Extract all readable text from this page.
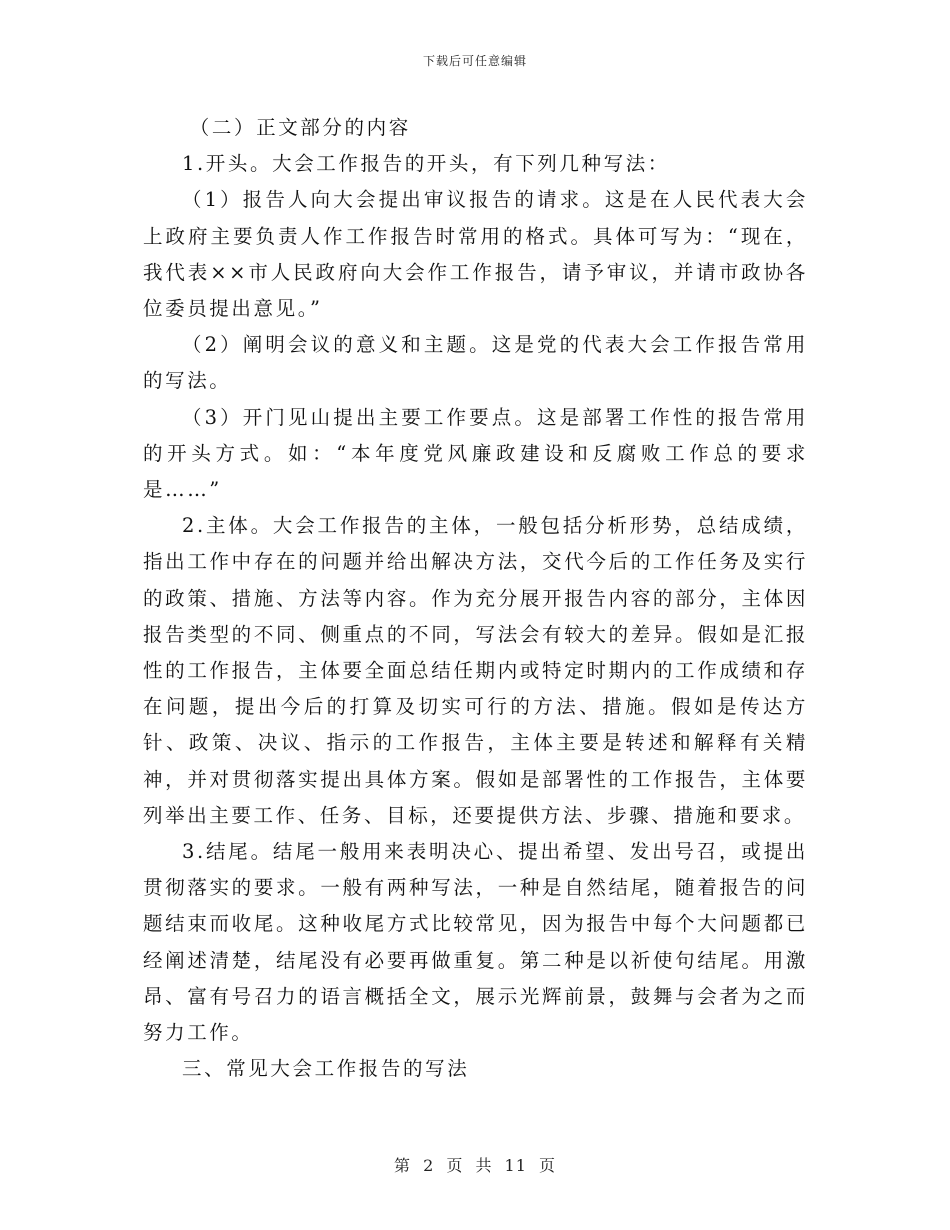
下载后可任意编辑

（二）正文部分的内容

1.开头。大会工作报告的开头，有下列几种写法：

（1）报告人向大会提出审议报告的请求。这是在人民代表大会上政府主要负责人作工作报告时常用的格式。具体可写为：“现在，我代表××市人民政府向大会作工作报告，请予审议，并请市政协各位委员提出意见。”

（2）阐明会议的意义和主题。这是党的代表大会工作报告常用的写法。

（3）开门见山提出主要工作要点。这是部署工作性的报告常用的开头方式。如：“本年度党风廉政建设和反腐败工作总的要求是……”

2.主体。大会工作报告的主体，一般包括分析形势，总结成绩，指出工作中存在的问题并给出解决方法，交代今后的工作任务及实行的政策、措施、方法等内容。作为充分展开报告内容的部分，主体因报告类型的不同、侧重点的不同，写法会有较大的差异。假如是汇报性的工作报告，主体要全面总结任期内或特定时期内的工作成绩和存在问题，提出今后的打算及切实可行的方法、措施。假如是传达方针、政策、决议、指示的工作报告，主体主要是转述和解释有关精神，并对贯彻落实提出具体方案。假如是部署性的工作报告，主体要列举出主要工作、任务、目标，还要提供方法、步骤、措施和要求。

3.结尾。结尾一般用来表明决心、提出希望、发出号召，或提出贯彻落实的要求。一般有两种写法，一种是自然结尾，随着报告的问题结束而收尾。这种收尾方式比较常见，因为报告中每个大问题都已经阐述清楚，结尾没有必要再做重复。第二种是以祈使句结尾。用激昂、富有号召力的语言概括全文，展示光辉前景，鼓舞与会者为之而努力工作。

三、常见大会工作报告的写法

第 2 页 共 11 页
